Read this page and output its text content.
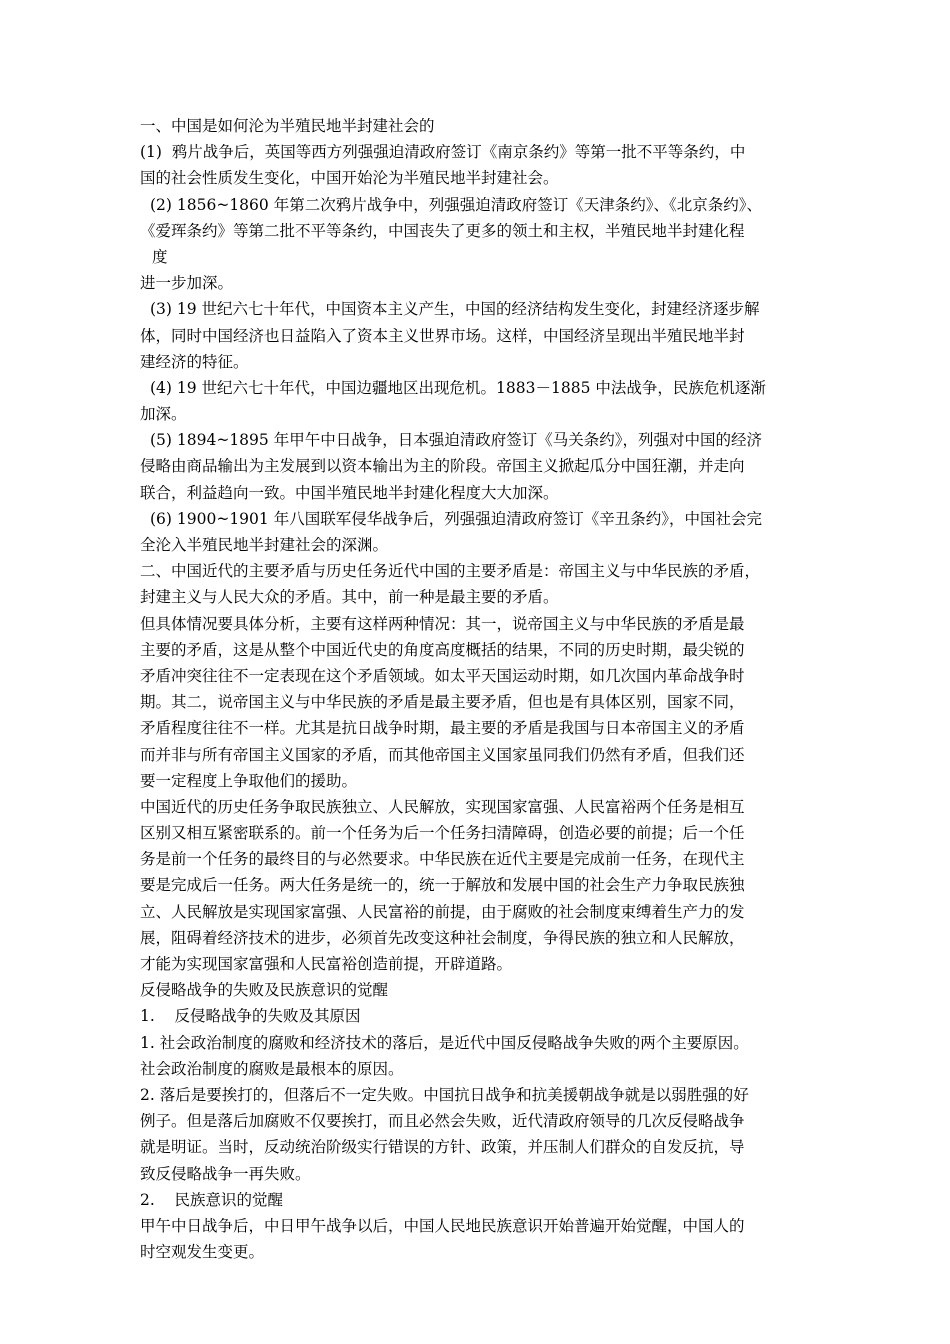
一、中国是如何沦为半殖民地半封建社会的
(1)  鸦片战争后，英国等西方列强强迫清政府签订《南京条约》等第一批不平等条约，中
国的社会性质发生变化，中国开始沦为半殖民地半封建社会。
(2) 1856~1860 年第二次鸦片战争中，列强强迫清政府签订《天津条约》、《北京条约》、
《爱珲条约》等第二批不平等条约，中国丧失了更多的领土和主权，半殖民地半封建化程
度
进一步加深。
(3) 19 世纪六七十年代，中国资本主义产生，中国的经济结构发生变化，封建经济逐步解
体，同时中国经济也日益陷入了资本主义世界市场。这样，中国经济呈现出半殖民地半封
建经济的特征。
(4) 19 世纪六七十年代，中国边疆地区出现危机。1883－1885 中法战争，民族危机逐渐
加深。
(5) 1894~1895 年甲午中日战争，日本强迫清政府签订《马关条约》，列强对中国的经济
侵略由商品输出为主发展到以资本输出为主的阶段。帝国主义掀起瓜分中国狂潮，并走向
联合，利益趋向一致。中国半殖民地半封建化程度大大加深。
(6) 1900~1901 年八国联军侵华战争后，列强强迫清政府签订《辛丑条约》，中国社会完
全沦入半殖民地半封建社会的深渊。
二、中国近代的主要矛盾与历史任务近代中国的主要矛盾是：帝国主义与中华民族的矛盾，
封建主义与人民大众的矛盾。其中，前一种是最主要的矛盾。
但具体情况要具体分析，主要有这样两种情况：其一，说帝国主义与中华民族的矛盾是最
主要的矛盾，这是从整个中国近代史的角度高度概括的结果，不同的历史时期，最尖锐的
矛盾冲突往往不一定表现在这个矛盾领域。如太平天国运动时期，如几次国内革命战争时
期。其二，说帝国主义与中华民族的矛盾是最主要矛盾，但也是有具体区别，国家不同，
矛盾程度往往不一样。尤其是抗日战争时期，最主要的矛盾是我国与日本帝国主义的矛盾
而并非与所有帝国主义国家的矛盾，而其他帝国主义国家虽同我们仍然有矛盾，但我们还
要一定程度上争取他们的援助。
中国近代的历史任务争取民族独立、人民解放，实现国家富强、人民富裕两个任务是相互
区别又相互紧密联系的。前一个任务为后一个任务扫清障碍，创造必要的前提；后一个任
务是前一个任务的最终目的与必然要求。中华民族在近代主要是完成前一任务，在现代主
要是完成后一任务。两大任务是统一的，统一于解放和发展中国的社会生产力争取民族独
立、人民解放是实现国家富强、人民富裕的前提，由于腐败的社会制度束缚着生产力的发
展，阻碍着经济技术的进步，必须首先改变这种社会制度，争得民族的独立和人民解放，
才能为实现国家富强和人民富裕创造前提，开辟道路。
反侵略战争的失败及民族意识的觉醒
1.    反侵略战争的失败及其原因
1. 社会政治制度的腐败和经济技术的落后，是近代中国反侵略战争失败的两个主要原因。
社会政治制度的腐败是最根本的原因。
2. 落后是要挨打的，但落后不一定失败。中国抗日战争和抗美援朝战争就是以弱胜强的好
例子。但是落后加腐败不仅要挨打，而且必然会失败，近代清政府领导的几次反侵略战争
就是明证。当时，反动统治阶级实行错误的方针、政策，并压制人们群众的自发反抗，导
致反侵略战争一再失败。
2.    民族意识的觉醒
甲午中日战争后，中日甲午战争以后，中国人民地民族意识开始普遍开始觉醒，中国人的
时空观发生变更。
